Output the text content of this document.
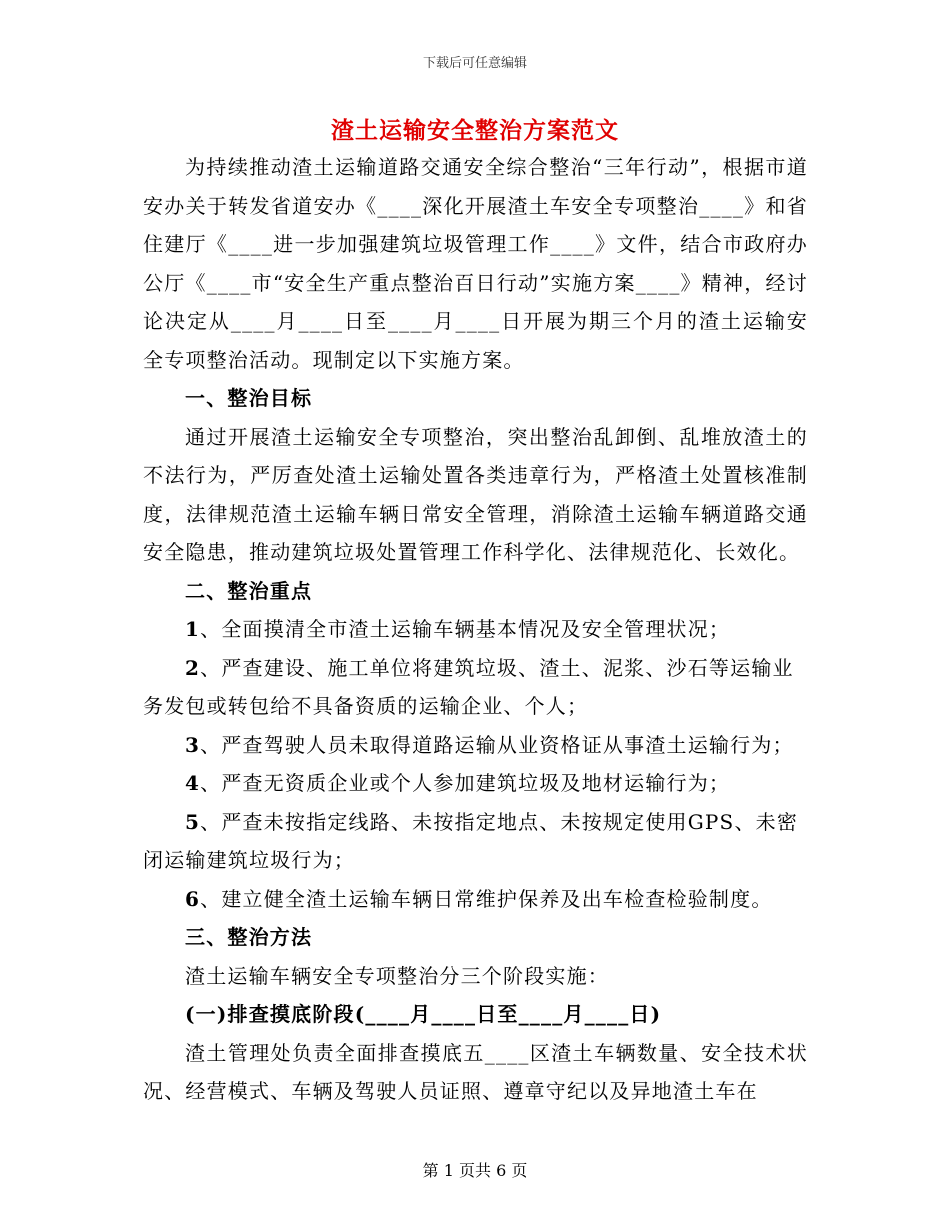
下载后可任意编辑
渣土运输安全整治方案范文

为持续推动渣土运输道路交通安全综合整治“三年行动”，根据市道安办关于转发省道安办《____深化开展渣土车安全专项整治____》和省住建厅《____进一步加强建筑垃圾管理工作____》文件，结合市政府办公厅《____市“安全生产重点整治百日行动”实施方案____》精神，经讨论决定从____月____日至____月____日开展为期三个月的渣土运输安全专项整治活动。现制定以下实施方案。

一、整治目标

通过开展渣土运输安全专项整治，突出整治乱卸倒、乱堆放渣土的不法行为，严厉查处渣土运输处置各类违章行为，严格渣土处置核准制度，法律规范渣土运输车辆日常安全管理，消除渣土运输车辆道路交通安全隐患，推动建筑垃圾处置管理工作科学化、法律规范化、长效化。

二、整治重点

1、全面摸清全市渣土运输车辆基本情况及安全管理状况；

2、严查建设、施工单位将建筑垃圾、渣土、泥浆、沙石等运输业务发包或转包给不具备资质的运输企业、个人；

3、严查驾驶人员未取得道路运输从业资格证从事渣土运输行为；

4、严查无资质企业或个人参加建筑垃圾及地材运输行为；

5、严查未按指定线路、未按指定地点、未按规定使用GPS、未密闭运输建筑垃圾行为；

6、建立健全渣土运输车辆日常维护保养及出车检查检验制度。

三、整治方法

渣土运输车辆安全专项整治分三个阶段实施：

(一)排查摸底阶段(____月____日至____月____日)

渣土管理处负责全面排查摸底五____区渣土车辆数量、安全技术状况、经营模式、车辆及驾驶人员证照、遵章守纪以及异地渣土车在

第 1 页共 6 页
